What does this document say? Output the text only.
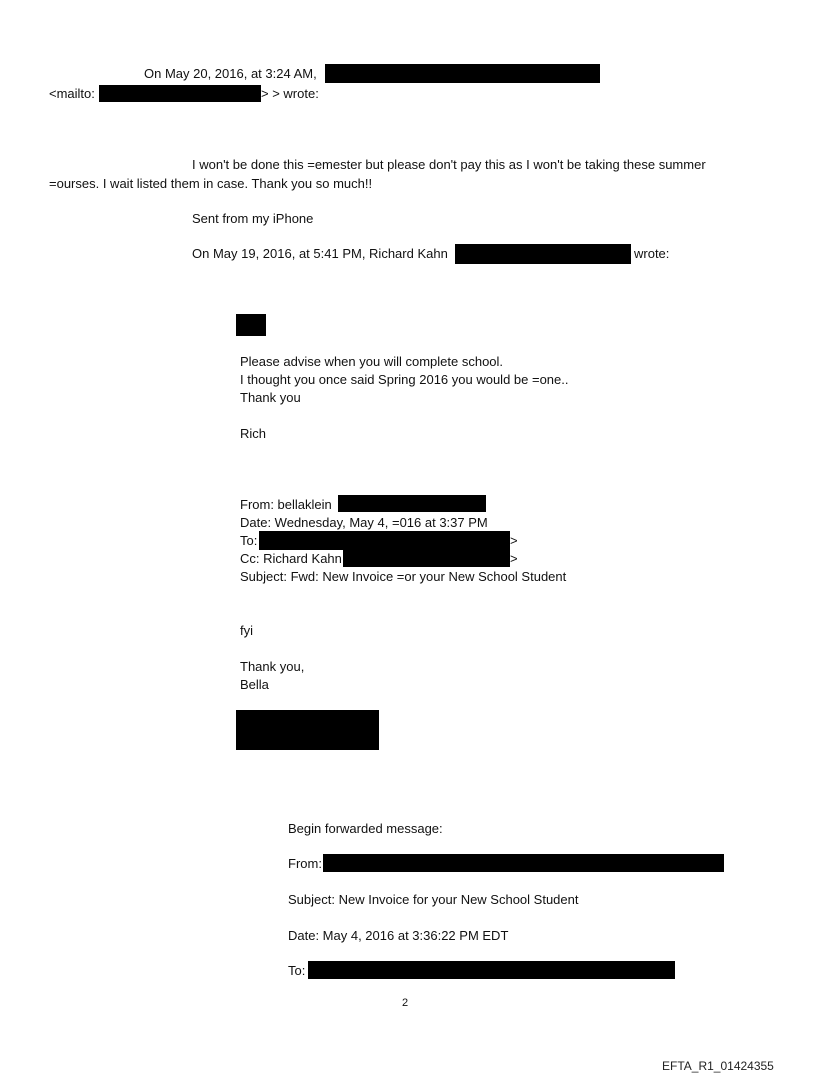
On May 20, 2016, at 3:24 AM,
<mailto:	> > wrote:
I won't be done this =emester but please don't pay this as I won't be taking these summer
=ourses. I wait listed them in case. Thank you so much!!
Sent from my iPhone
On May 19, 2016, at 5:41 PM, Richard Kahn	wrote:
Please advise when you will complete school.
I thought you once said Spring 2016 you would be =one..
Thank you
Rich
From: bellaklein
Date: Wednesday, May 4, =016 at 3:37 PM
To:	>
Cc: Richard Kahn	>
Subject: Fwd: New Invoice =or your New School Student
fyi
Thank you,
Bella
Begin forwarded message:
From:
Subject: New Invoice for your New School Student
Date: May 4, 2016 at 3:36:22 PM EDT
To:
2
EFTA_R1_01424355
